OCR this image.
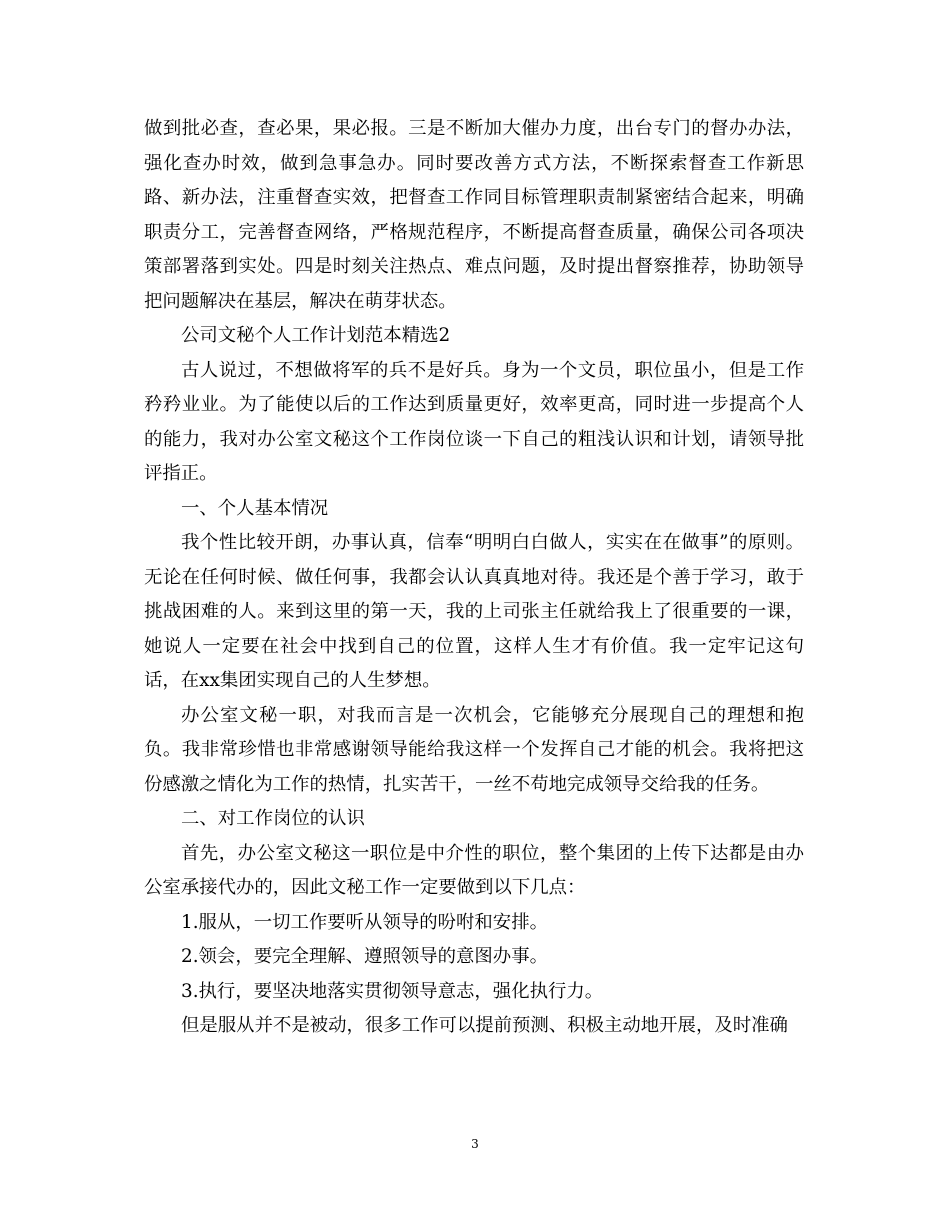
做到批必查，查必果，果必报。三是不断加大催办力度，出台专门的督办办法，强化查办时效，做到急事急办。同时要改善方式方法，不断探索督查工作新思路、新办法，注重督查实效，把督查工作同目标管理职责制紧密结合起来，明确职责分工，完善督查网络，严格规范程序，不断提高督查质量，确保公司各项决策部署落到实处。四是时刻关注热点、难点问题，及时提出督察推荐，协助领导把问题解决在基层，解决在萌芽状态。

公司文秘个人工作计划范本精选2

古人说过，不想做将军的兵不是好兵。身为一个文员，职位虽小，但是工作矜矜业业。为了能使以后的工作达到质量更好，效率更高，同时进一步提高个人的能力，我对办公室文秘这个工作岗位谈一下自己的粗浅认识和计划，请领导批评指正。

一、个人基本情况

我个性比较开朗，办事认真，信奉“明明白白做人，实实在在做事”的原则。无论在任何时候、做任何事，我都会认认真真地对待。我还是个善于学习，敢于挑战困难的人。来到这里的第一天，我的上司张主任就给我上了很重要的一课，她说人一定要在社会中找到自己的位置，这样人生才有价值。我一定牢记这句话，在xx集团实现自己的人生梦想。

办公室文秘一职，对我而言是一次机会，它能够充分展现自己的理想和抱负。我非常珍惜也非常感谢领导能给我这样一个发挥自己才能的机会。我将把这份感激之情化为工作的热情，扎实苦干，一丝不苟地完成领导交给我的任务。

二、对工作岗位的认识

首先，办公室文秘这一职位是中介性的职位，整个集团的上传下达都是由办公室承接代办的，因此文秘工作一定要做到以下几点：

1.服从，一切工作要听从领导的吩咐和安排。

2.领会，要完全理解、遵照领导的意图办事。

3.执行，要坚决地落实贯彻领导意志，强化执行力。

但是服从并不是被动，很多工作可以提前预测、积极主动地开展，及时准确

3
